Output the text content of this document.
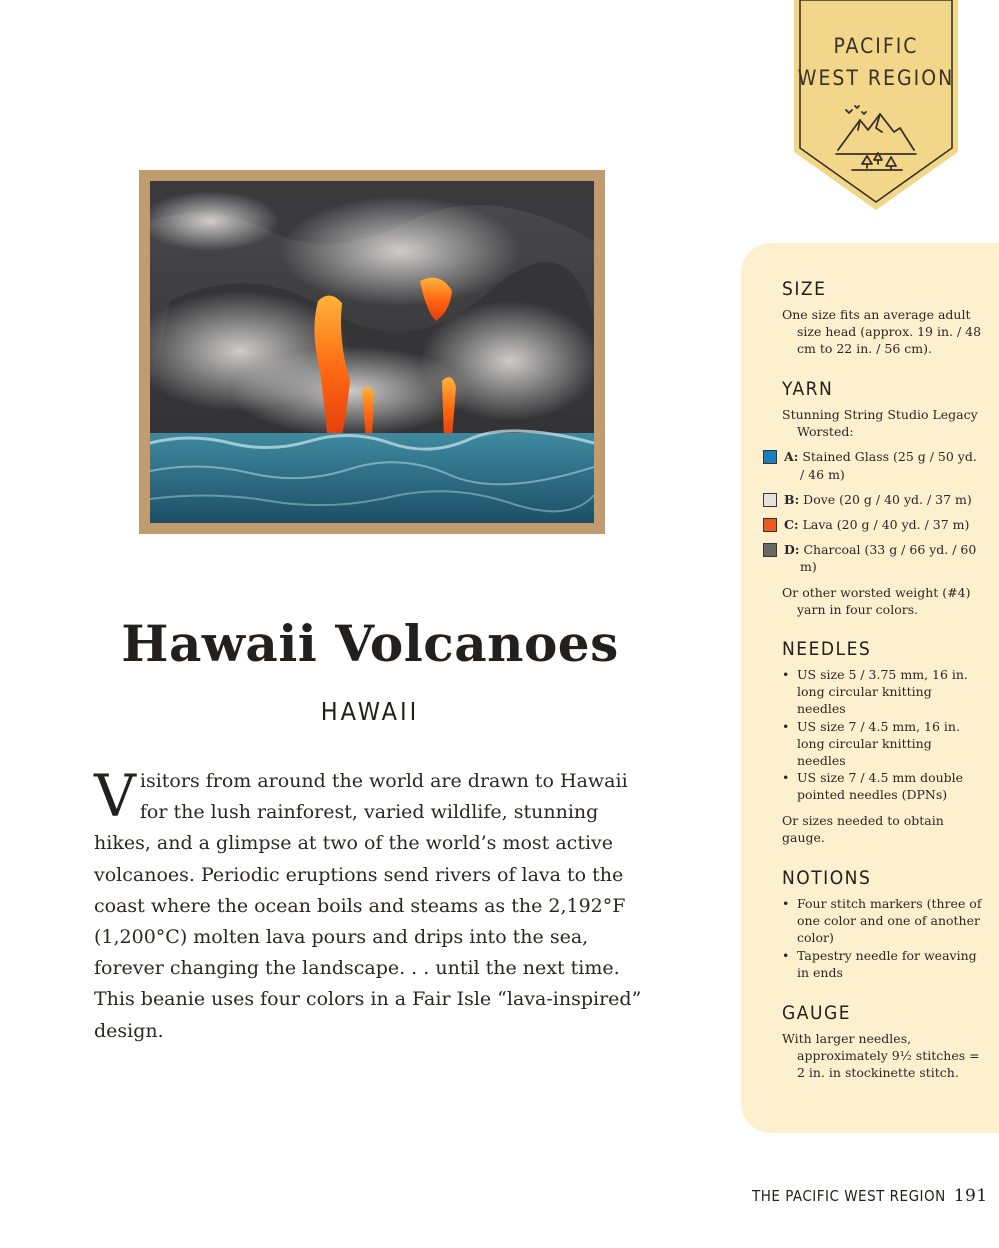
PACIFIC
WEST REGION
Hawaii Volcanoes
HAWAII
Visitors from around the world are drawn to Hawaii for the lush rainforest, varied wildlife, stunning hikes, and a glimpse at two of the world’s most active volcanoes. Periodic eruptions send rivers of lava to the coast where the ocean boils and steams as the 2,192°F (1,200°C) molten lava pours and drips into the sea, forever changing the landscape. . . until the next time. This beanie uses four colors in a Fair Isle “lava-inspired” design.
SIZE

One size fits an average adult size head (approx. 19 in. / 48 cm to 22 in. / 56 cm).

YARN

Stunning String Studio Legacy Worsted:

A: Stained Glass (25 g / 50 yd. / 46 m)

B: Dove (20 g / 40 yd. / 37 m)

C: Lava (20 g / 40 yd. / 37 m)

D: Charcoal (33 g / 66 yd. / 60 m)

Or other worsted weight (#4) yarn in four colors.

NEEDLES
• US size 5 / 3.75 mm, 16 in. long circular knitting needles
• US size 7 / 4.5 mm, 16 in. long circular knitting needles
• US size 7 / 4.5 mm double pointed needles (DPNs)

Or sizes needed to obtain gauge.

NOTIONS
• Four stitch markers (three of one color and one of another color)
• Tapestry needle for weaving in ends
GAUGE

With larger needles, approximately 9½ stitches = 2 in. in stockinette stitch.

THE PACIFIC WEST REGION 191
